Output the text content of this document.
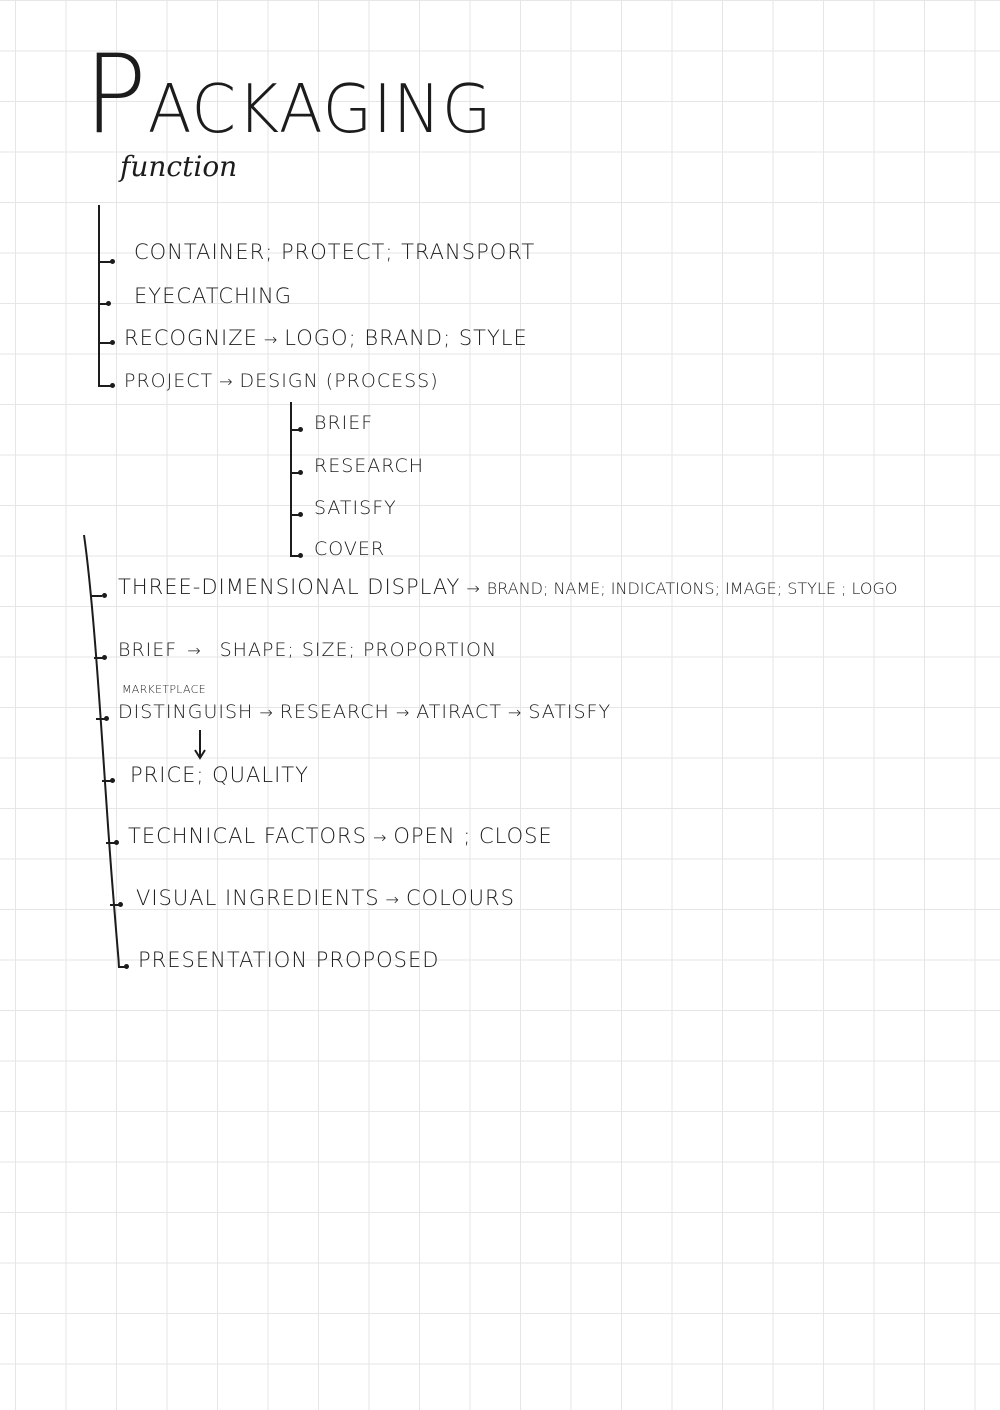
PACKAGING
function
CONTAINER; PROTECT; TRANSPORT
EYECATCHING
RECOGNIZE → LOGO; BRAND; STYLE
PROJECT → DESIGN (PROCESS)
BRIEF
RESEARCH
SATISFY
COVER
THREE-DIMENSIONAL DISPLAY → BRAND; NAME; INDICATIONS; IMAGE; STYLE ; LOGO
BRIEF → SHAPE; SIZE; PROPORTION
MARKETPLACE
DISTINGUISH → RESEARCH → ATIRACT → SATISFY
PRICE; QUALITY
TECHNICAL FACTORS → OPEN ; CLOSE
VISUAL INGREDIENTS → COLOURS
PRESENTATION PROPOSED
